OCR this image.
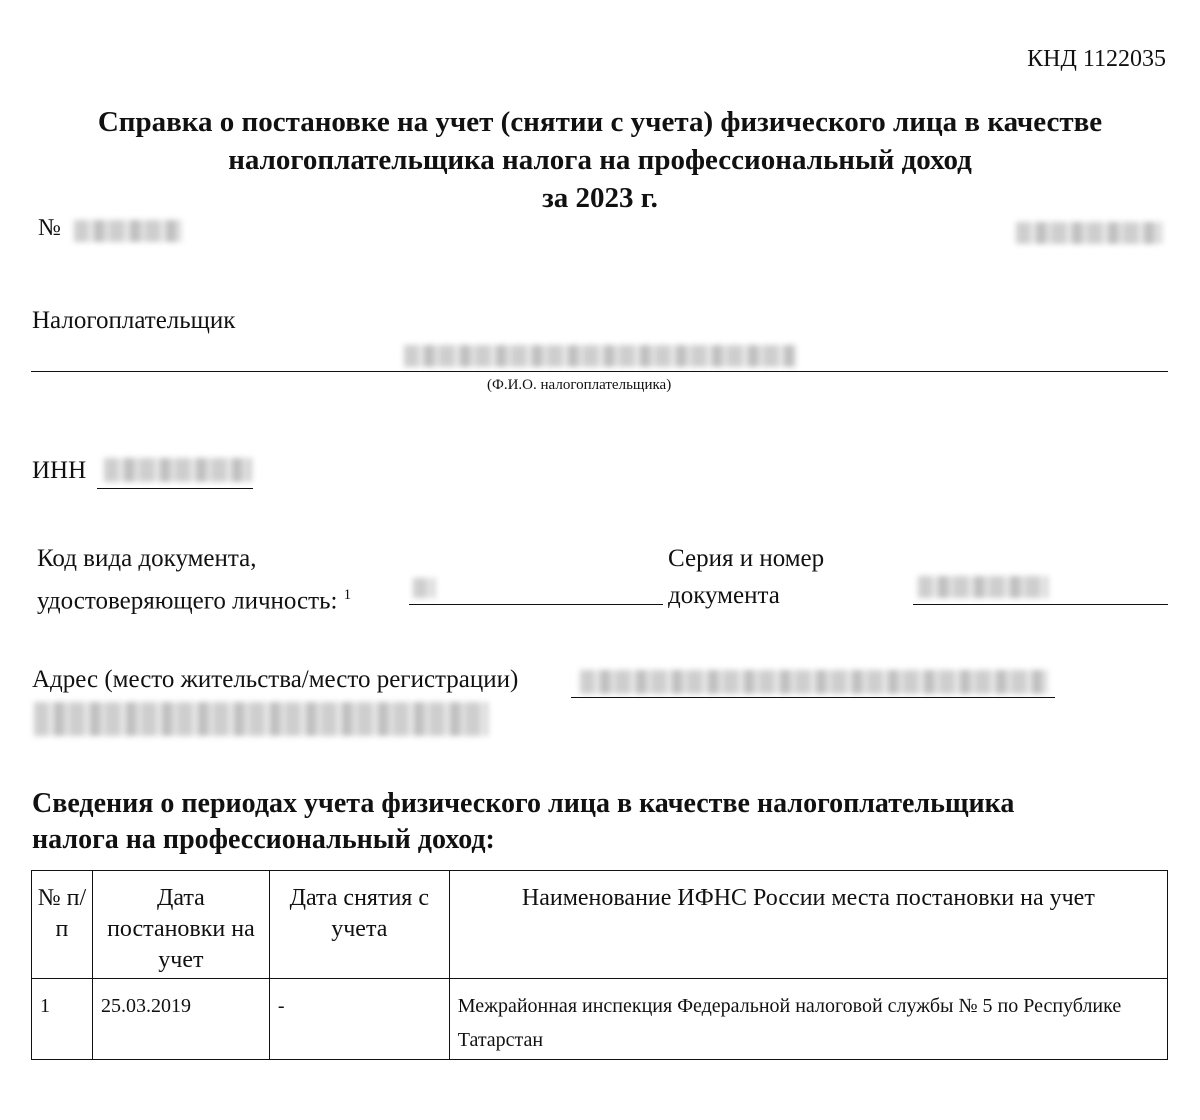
КНД 1122035
Справка о постановке на учет (снятии с учета) физического лица в качестве
налогоплательщика налога на профессиональный доход
за 2023 г.
№
Налогоплательщик
(Ф.И.О. налогоплательщика)
ИНН
Код вида документа,
удостоверяющего личность: $^1$
Серия и номер
документа
Адрес (место жительства/место регистрации)
Сведения о периодах учета физического лица в качестве налогоплательщика
налога на профессиональный доход:
№ п/п	Дата постановки на учет	Дата снятия с учета	Наименование ИФНС России места постановки на учет
1	25.03.2019	-	Межрайонная инспекция Федеральной налоговой службы № 5 по Республике Татарстан
